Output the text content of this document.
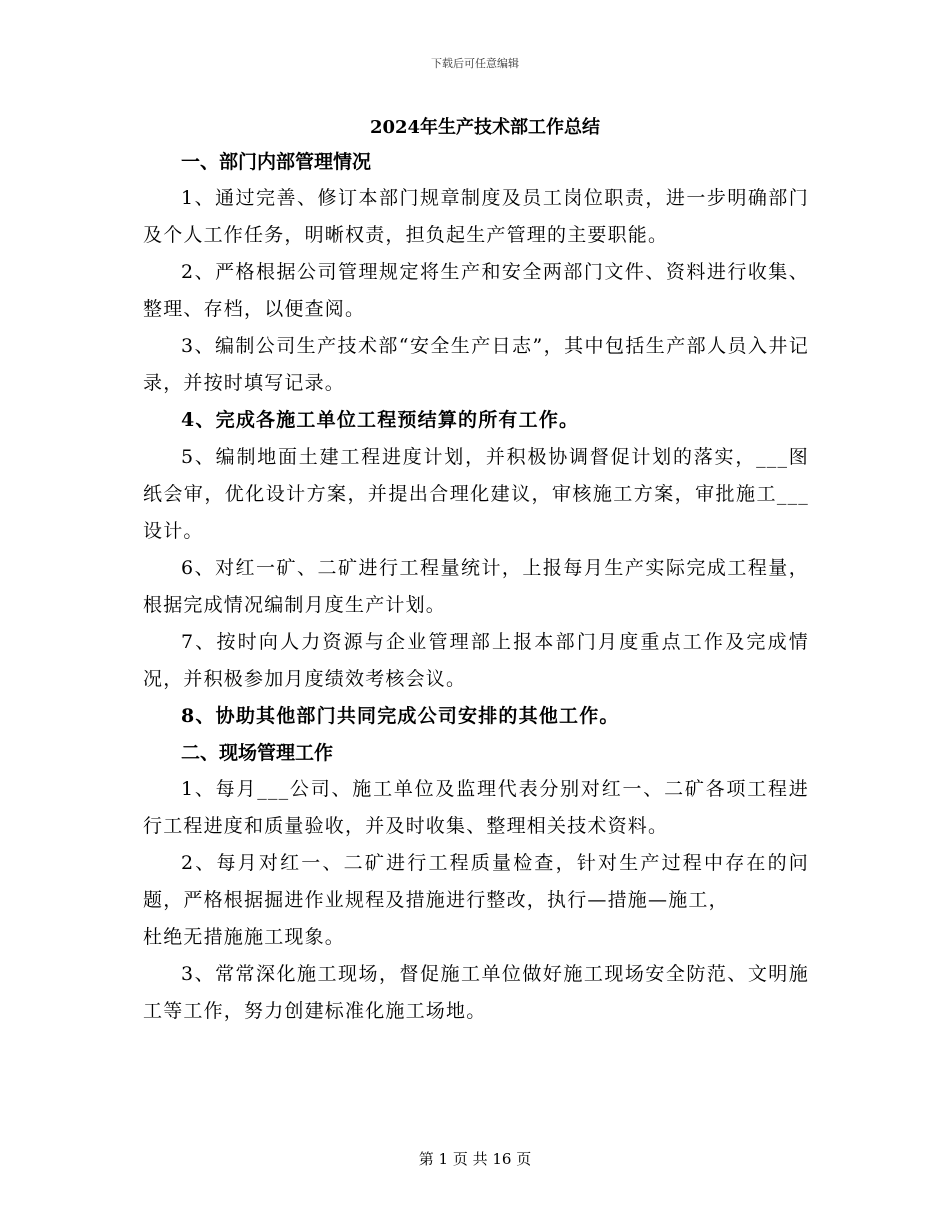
下载后可任意编辑

2024年生产技术部工作总结

一、部门内部管理情况

1、通过完善、修订本部门规章制度及员工岗位职责，进一步明确部门及个人工作任务，明晰权责，担负起生产管理的主要职能。

2、严格根据公司管理规定将生产和安全两部门文件、资料进行收集、整理、存档，以便查阅。

3、编制公司生产技术部“安全生产日志”，其中包括生产部人员入井记录，并按时填写记录。

4、完成各施工单位工程预结算的所有工作。

5、编制地面土建工程进度计划，并积极协调督促计划的落实，___图纸会审，优化设计方案，并提出合理化建议，审核施工方案，审批施工___设计。

6、对红一矿、二矿进行工程量统计，上报每月生产实际完成工程量，根据完成情况编制月度生产计划。

7、按时向人力资源与企业管理部上报本部门月度重点工作及完成情况，并积极参加月度绩效考核会议。

8、协助其他部门共同完成公司安排的其他工作。

二、现场管理工作

1、每月___公司、施工单位及监理代表分别对红一、二矿各项工程进行工程进度和质量验收，并及时收集、整理相关技术资料。

2、每月对红一、二矿进行工程质量检查，针对生产过程中存在的问题，严格根据掘进作业规程及措施进行整改，执行—措施—施工，

杜绝无措施施工现象。

3、常常深化施工现场，督促施工单位做好施工现场安全防范、文明施工等工作，努力创建标准化施工场地。

第 1 页 共 16 页
